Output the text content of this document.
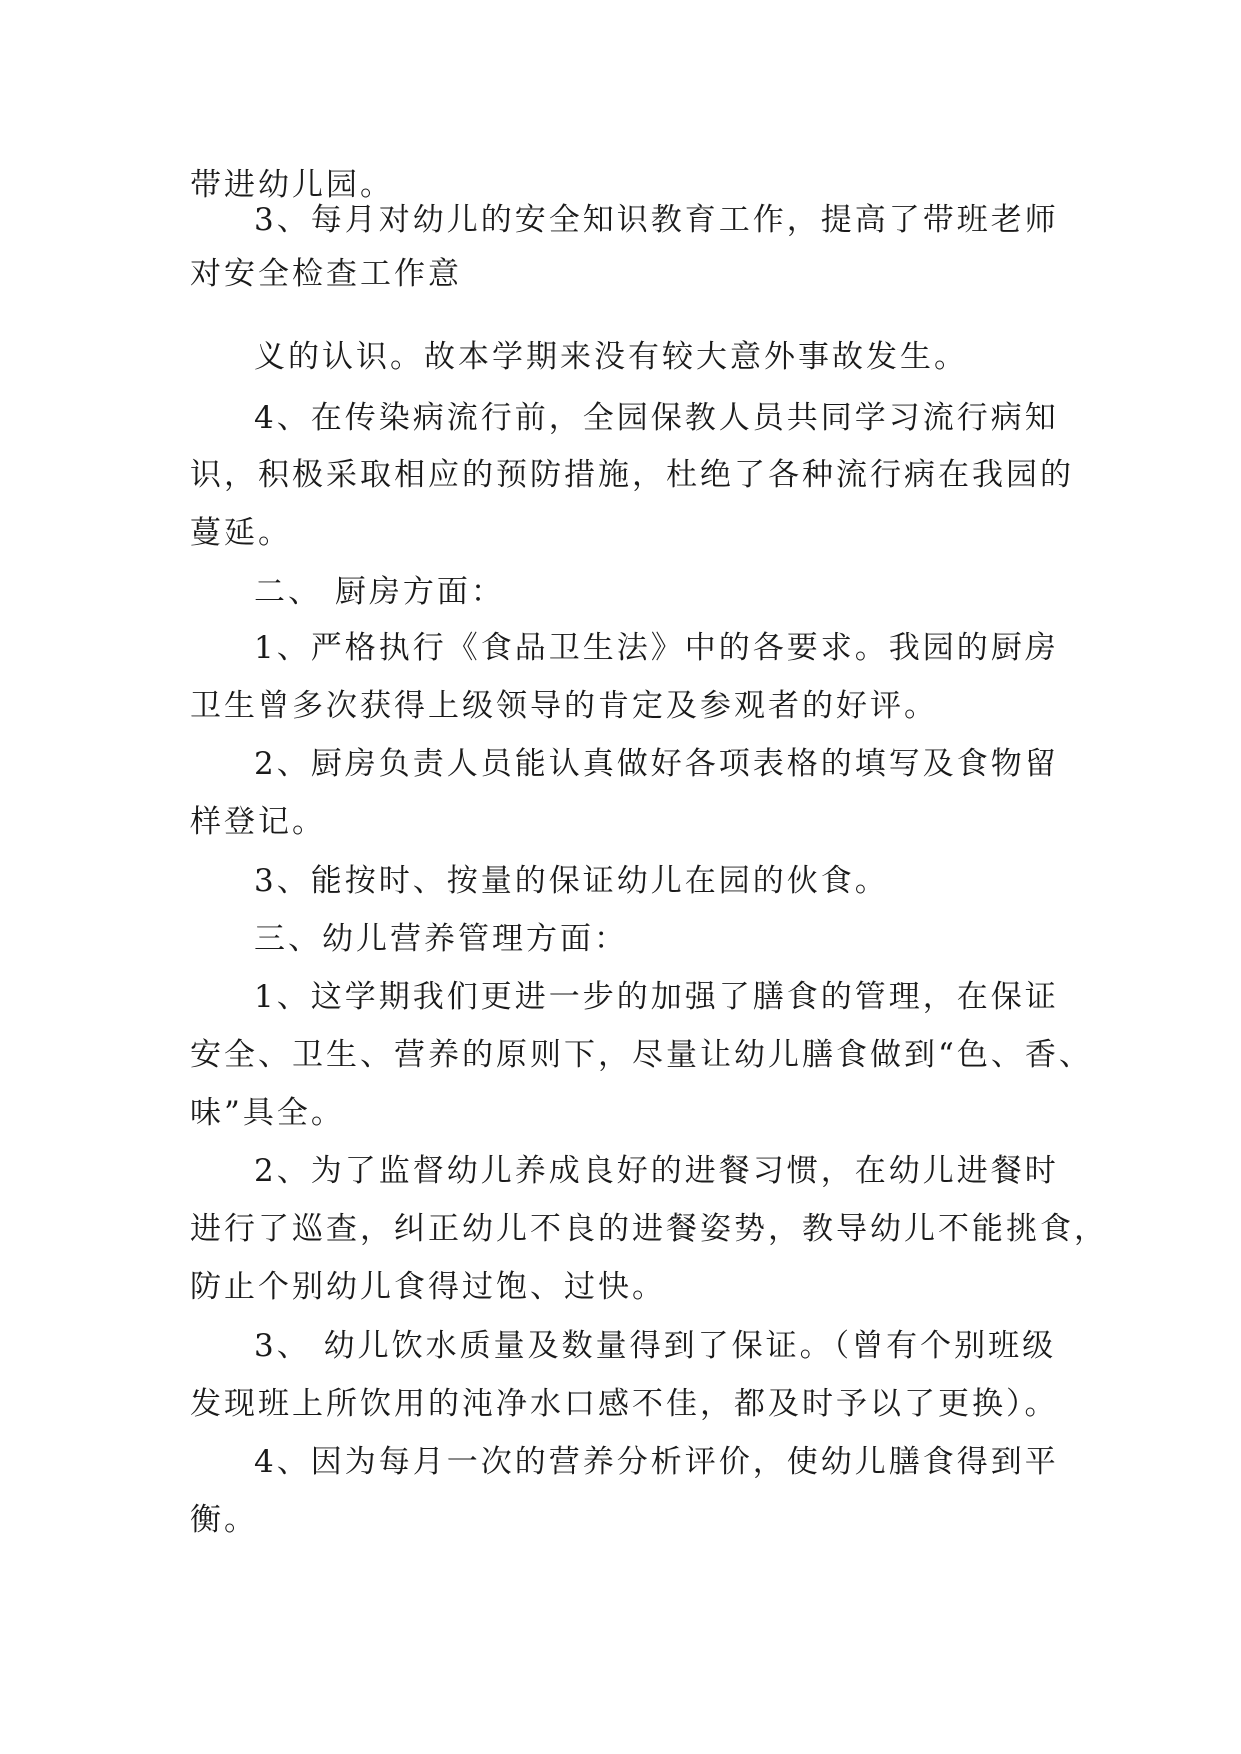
带进幼儿园。
3、每月对幼儿的安全知识教育工作，提高了带班老师
对安全检查工作意
义的认识。故本学期来没有较大意外事故发生。
4、在传染病流行前，全园保教人员共同学习流行病知
识，积极采取相应的预防措施，杜绝了各种流行病在我园的
蔓延。
二、 厨房方面：
1、严格执行《食品卫生法》中的各要求。我园的厨房
卫生曾多次获得上级领导的肯定及参观者的好评。
2、厨房负责人员能认真做好各项表格的填写及食物留
样登记。
3、能按时、按量的保证幼儿在园的伙食。
三、幼儿营养管理方面：
1、这学期我们更进一步的加强了膳食的管理，在保证
安全、卫生、营养的原则下，尽量让幼儿膳食做到“色、香、
味”具全。
2、为了监督幼儿养成良好的进餐习惯，在幼儿进餐时
进行了巡查，纠正幼儿不良的进餐姿势，教导幼儿不能挑食，
防止个别幼儿食得过饱、过快。
3、 幼儿饮水质量及数量得到了保证。（曾有个别班级
发现班上所饮用的沌净水口感不佳，都及时予以了更换）。
4、因为每月一次的营养分析评价，使幼儿膳食得到平
衡。
